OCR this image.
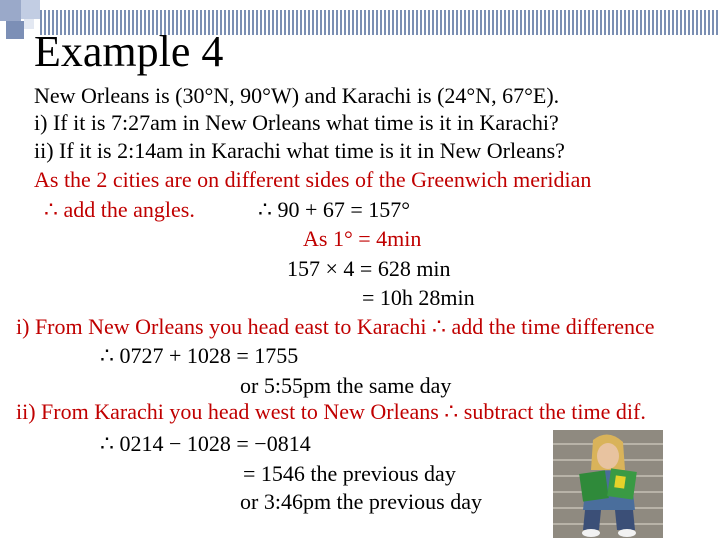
Example 4
New Orleans is (30°N, 90°W) and Karachi is (24°N, 67°E).
i) If it is 7:27am in New Orleans what time is it in Karachi?
ii) If it is 2:14am in Karachi what time is it in New Orleans?
As the 2 cities are on different sides of the Greenwich meridian
∴ add the angles.	∴ 90 + 67 = 157°
As 1° = 4min
157 × 4 = 628 min
= 10h 28min
i) From New Orleans you head east to Karachi ∴ add the time difference
∴ 0727 + 1028 = 1755
or 5:55pm the same day
ii) From Karachi you head west to New Orleans ∴ subtract the time dif.
∴ 0214 − 1028 = −0814
= 1546 the previous day
or 3:46pm the previous day
